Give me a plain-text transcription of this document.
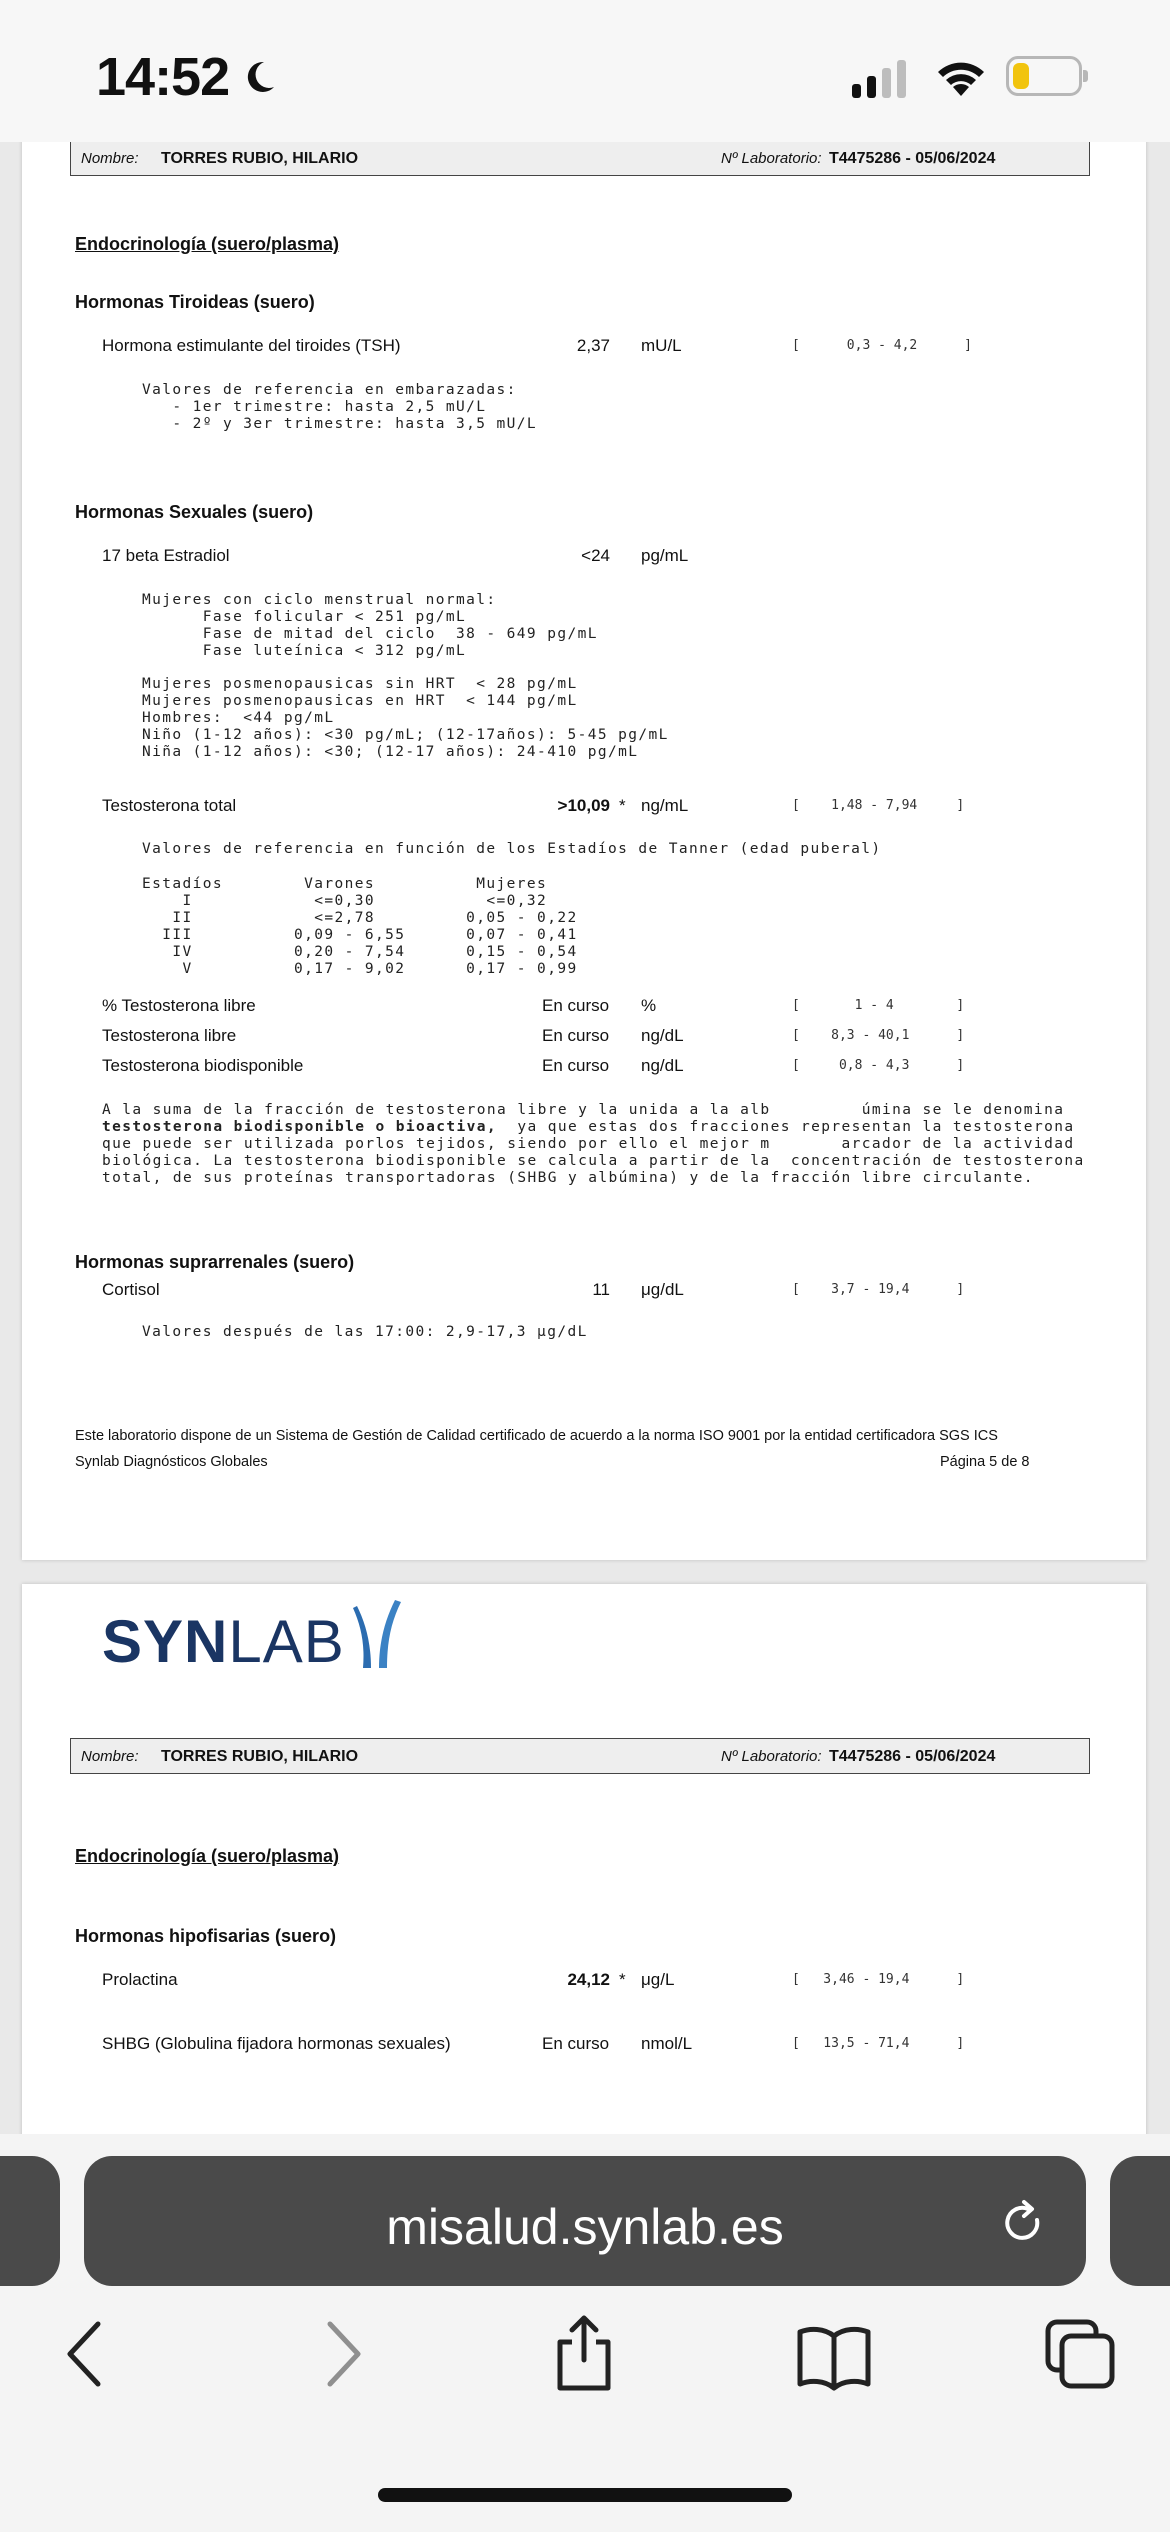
14:52
Nombre: TORRES RUBIO, HILARIO	Nº Laboratorio: T4475286 - 05/06/2024
Endocrinología (suero/plasma)
Hormonas Tiroideas (suero)
Hormona estimulante del tiroides (TSH)	2,37 mU/L	[      0,3 - 4,2      ]
Valores de referencia en embarazadas:
- 1er trimestre: hasta 2,5 mU/L
- 2º y 3er trimestre: hasta 3,5 mU/L
Hormonas Sexuales (suero)
17 beta Estradiol	<24 pg/mL
Mujeres con ciclo menstrual normal:
Fase folicular < 251 pg/mL
Fase de mitad del ciclo  38 - 649 pg/mL
Fase luteínica < 312 pg/mL
Mujeres posmenopausicas sin HRT  < 28 pg/mL
Mujeres posmenopausicas en HRT  < 144 pg/mL
Hombres:  <44 pg/mL
Niño (1-12 años): <30 pg/mL; (12-17años): 5-45 pg/mL
Niña (1-12 años): <30; (12-17 años): 24-410 pg/mL
Testosterona total	>10,09 * ng/mL	[    1,48 - 7,94     ]
Valores de referencia en función de los Estadíos de Tanner (edad puberal)
Estadíos        Varones          Mujeres
I            <=0,30           <=0,32
II            <=2,78         0,05 - 0,22
III          0,09 - 6,55      0,07 - 0,41
IV          0,20 - 7,54      0,15 - 0,54
V          0,17 - 9,02      0,17 - 0,99
% Testosterona libre	En curso %	[       1 - 4        ]
Testosterona libre	En curso ng/dL	[    8,3 - 40,1      ]
Testosterona biodisponible	En curso ng/dL	[     0,8 - 4,3      ]
A la suma de la fracción de testosterona libre y la unida a la alb         úmina se le denomina
testosterona biodisponible o bioactiva,  ya que estas dos fracciones representan la testosterona
que puede ser utilizada porlos tejidos, siendo por ello el mejor m       arcador de la actividad
biológica. La testosterona biodisponible se calcula a partir de la  concentración de testosterona
total, de sus proteínas transportadoras (SHBG y albúmina) y de la fracción libre circulante.
Hormonas suprarrenales (suero)
Cortisol	11 μg/dL	[    3,7 - 19,4      ]
Valores después de las 17:00: 2,9-17,3 μg/dL
Este laboratorio dispone de un Sistema de Gestión de Calidad certificado de acuerdo a la norma ISO 9001 por la entidad certificadora SGS ICS
Synlab Diagnósticos Globales	Página 5 de 8
SYNLAB
Nombre: TORRES RUBIO, HILARIO	Nº Laboratorio: T4475286 - 05/06/2024
Endocrinología (suero/plasma)
Hormonas hipofisarias (suero)
Prolactina	24,12 * μg/L	[   3,46 - 19,4      ]
SHBG (Globulina fijadora hormonas sexuales)	En curso nmol/L	[   13,5 - 71,4      ]
misalud.synlab.es
